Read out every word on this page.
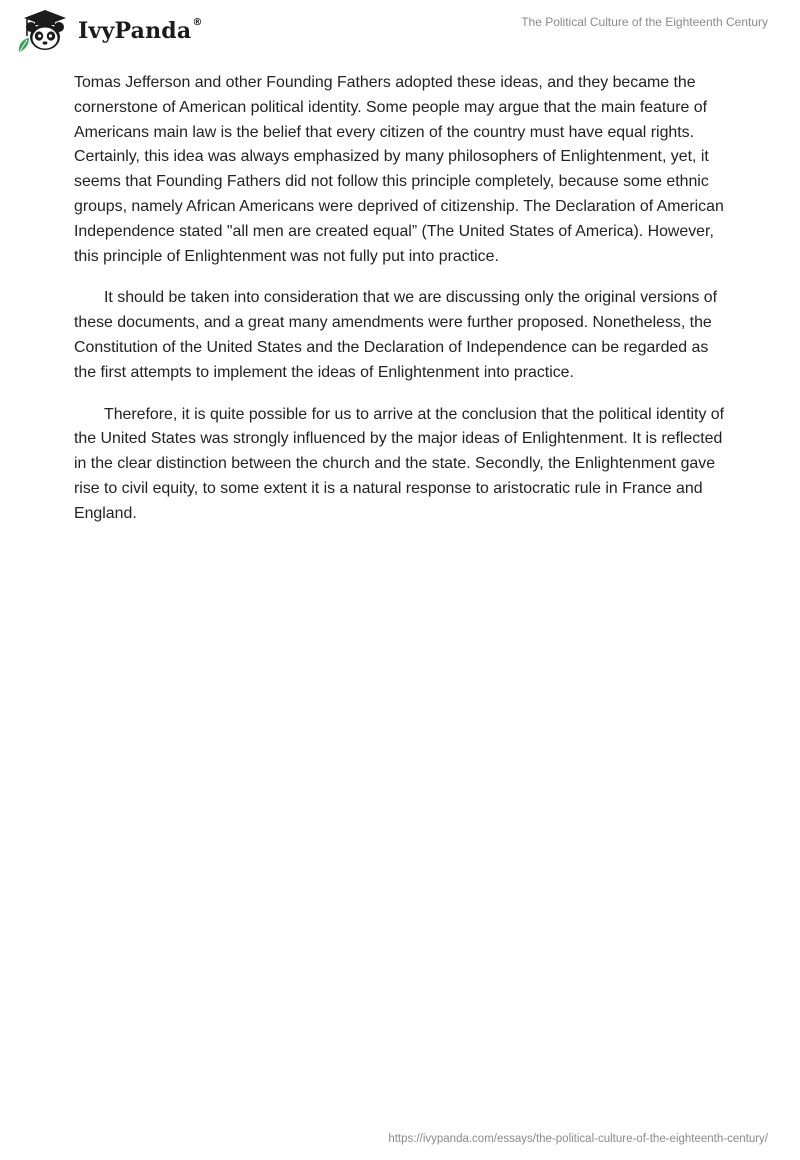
IvyPanda®	The Political Culture of the Eighteenth Century

Tomas Jefferson and other Founding Fathers adopted these ideas, and they became the cornerstone of American political identity. Some people may argue that the main feature of Americans main law is the belief that every citizen of the country must have equal rights. Certainly, this idea was always emphasized by many philosophers of Enlightenment, yet, it seems that Founding Fathers did not follow this principle completely, because some ethnic groups, namely African Americans were deprived of citizenship. The Declaration of American Independence stated "all men are created equal” (The United States of America). However, this principle of Enlightenment was not fully put into practice.

It should be taken into consideration that we are discussing only the original versions of these documents, and a great many amendments were further proposed. Nonetheless, the Constitution of the United States and the Declaration of Independence can be regarded as the first attempts to implement the ideas of Enlightenment into practice.

Therefore, it is quite possible for us to arrive at the conclusion that the political identity of the United States was strongly influenced by the major ideas of Enlightenment. It is reflected in the clear distinction between the church and the state. Secondly, the Enlightenment gave rise to civil equity, to some extent it is a natural response to aristocratic rule in France and England.

https://ivypanda.com/essays/the-political-culture-of-the-eighteenth-century/
